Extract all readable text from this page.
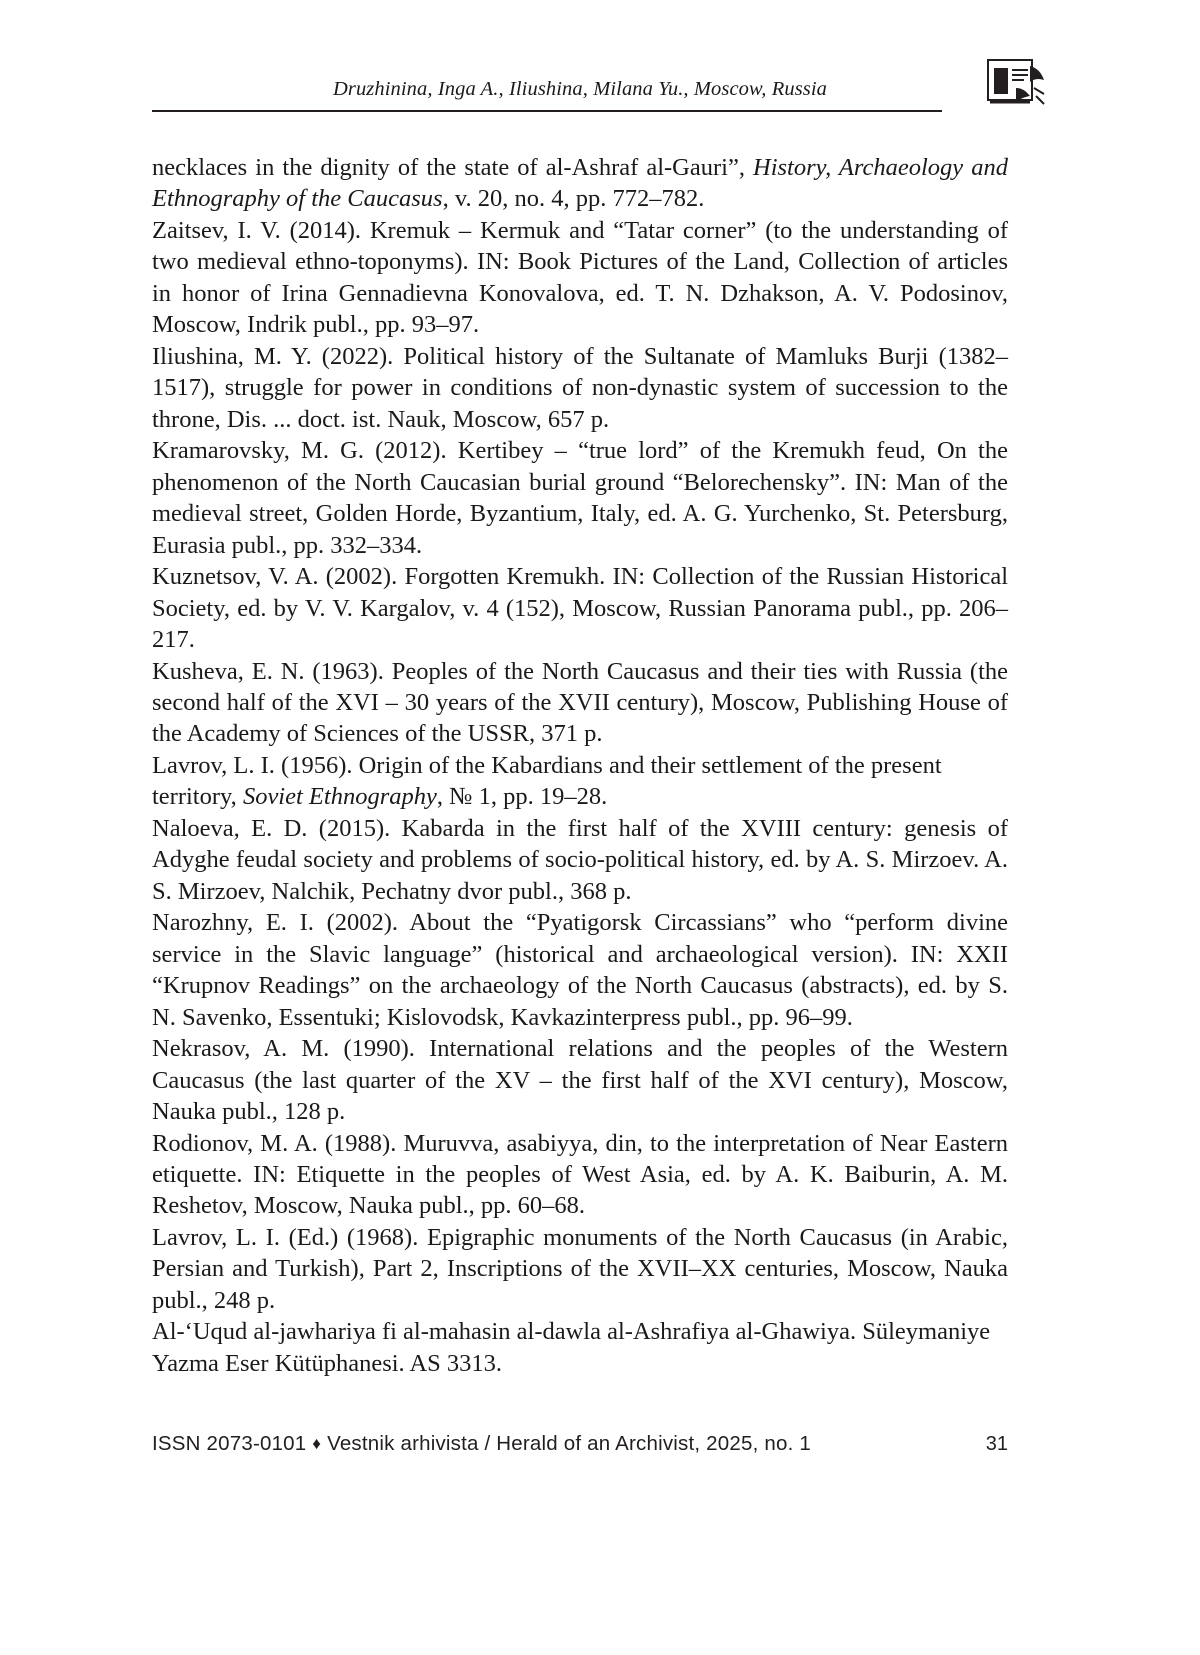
Druzhinina, Inga A., Iliushina, Milana Yu., Moscow, Russia

necklaces in the dignity of the state of al-Ashraf al-Gauri”, History, Archaeology and Ethnography of the Caucasus, v. 20, no. 4, pp. 772–782.

Zaitsev, I. V. (2014). Kremuk – Kermuk and “Tatar corner” (to the understanding of two medieval ethno-toponyms). IN: Book Pictures of the Land, Collection of articles in honor of Irina Gennadievna Konovalova, ed. T. N. Dzhakson, A. V. Podosinov, Moscow, Indrik publ., pp. 93–97.

Iliushina, M. Y. (2022). Political history of the Sultanate of Mamluks Burji (1382–1517), struggle for power in conditions of non-dynastic system of succession to the throne, Dis. ... doct. ist. Nauk, Moscow, 657 p.

Kramarovsky, M. G. (2012). Kertibey – “true lord” of the Kremukh feud, On the phenomenon of the North Caucasian burial ground “Belorechensky”. IN: Man of the medieval street, Golden Horde, Byzantium, Italy, ed. A. G. Yurchenko, St. Petersburg, Eurasia publ., pp. 332–334.

Kuznetsov, V. A. (2002). Forgotten Kremukh. IN: Collection of the Russian Historical Society, ed. by V. V. Kargalov, v. 4 (152), Moscow, Russian Panorama publ., pp. 206–217.

Kusheva, E. N. (1963). Peoples of the North Caucasus and their ties with Russia (the second half of the XVI – 30 years of the XVII century), Moscow, Publishing House of the Academy of Sciences of the USSR, 371 p.

Lavrov, L. I. (1956). Origin of the Kabardians and their settlement of the present territory, Soviet Ethnography, № 1, pp. 19–28.

Naloeva, E. D. (2015). Kabarda in the first half of the XVIII century: genesis of Adyghe feudal society and problems of socio-political history, ed. by A. S. Mirzoev. A. S. Mirzoev, Nalchik, Pechatny dvor publ., 368 p.

Narozhny, E. I. (2002). About the “Pyatigorsk Circassians” who “perform divine service in the Slavic language” (historical and archaeological version). IN: XXII “Krupnov Readings” on the archaeology of the North Caucasus (abstracts), ed. by S. N. Savenko, Essentuki; Kislovodsk, Kavkazinterpress publ., pp. 96–99.

Nekrasov, A. M. (1990). International relations and the peoples of the Western Caucasus (the last quarter of the XV – the first half of the XVI century), Moscow, Nauka publ., 128 p.

Rodionov, M. A. (1988). Muruvva, asabiyya, din, to the interpretation of Near Eastern etiquette. IN: Etiquette in the peoples of West Asia, ed. by A. K. Baiburin, A. M. Reshetov, Moscow, Nauka publ., pp. 60–68.

Lavrov, L. I. (Ed.) (1968). Epigraphic monuments of the North Caucasus (in Arabic, Persian and Turkish), Part 2, Inscriptions of the XVII–XX centuries, Moscow, Nauka publ., 248 p.

Al-‘Uqud al-jawhariya fi al-mahasin al-dawla al-Ashrafiya al-Ghawiya. Süleymaniye Yazma Eser Kütüphanesi. AS 3313.

ISSN 2073-0101 ♦ Vestnik arhivista / Herald of an Archivist, 2025, no. 1	31
